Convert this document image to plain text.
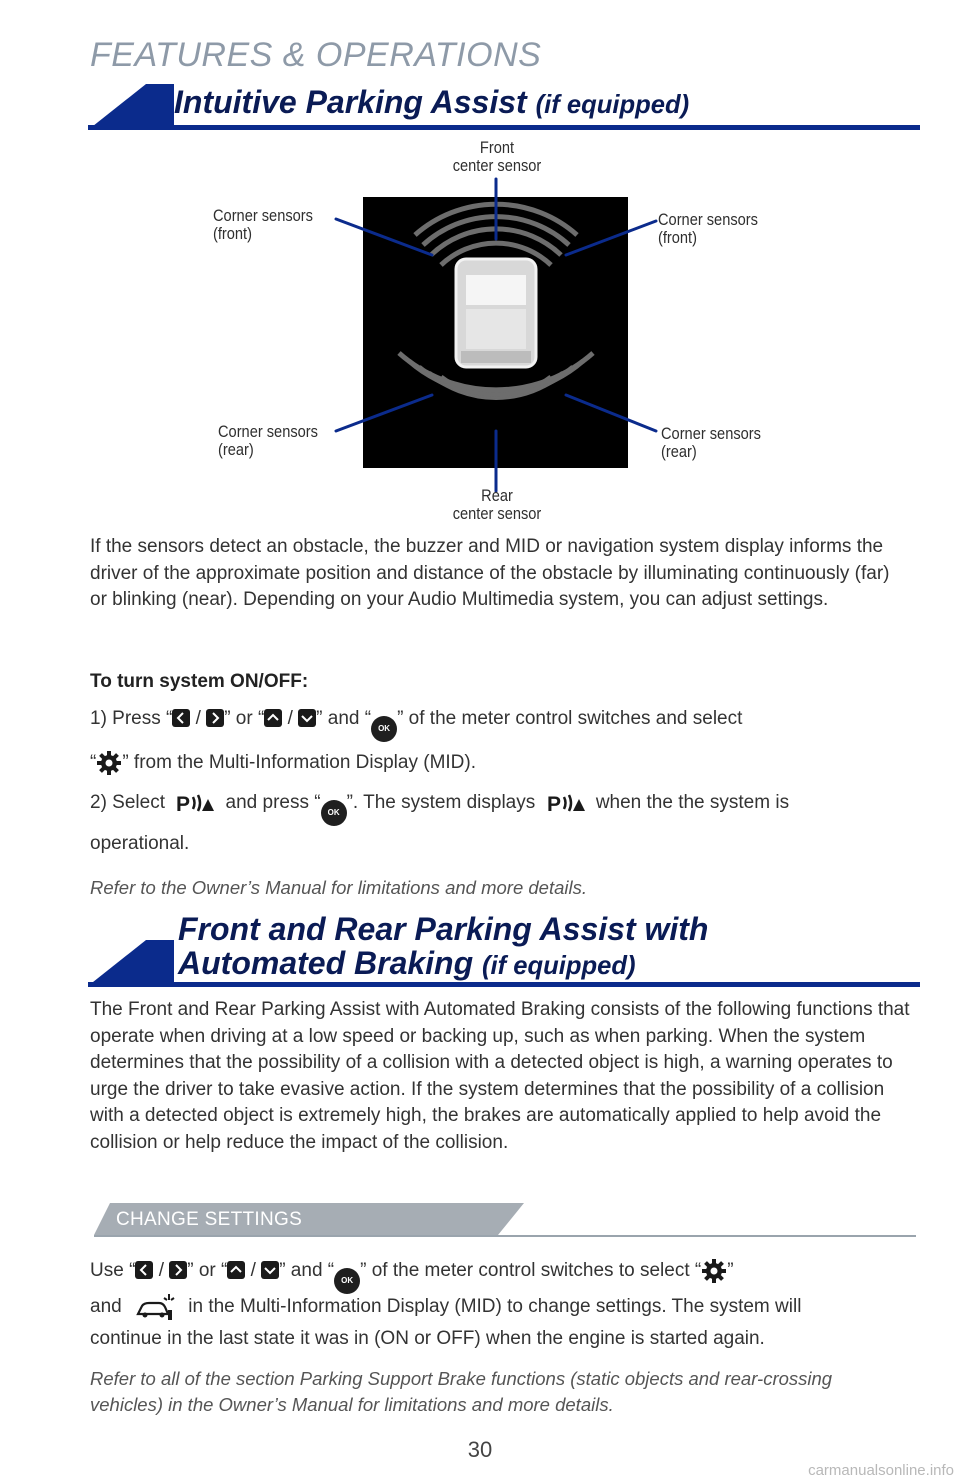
FEATURES & OPERATIONS
Intuitive Parking Assist (if equipped)
Front
center sensor
Corner sensors
(front)
Corner sensors
(front)
Corner sensors
(rear)
Corner sensors
(rear)
Rear
center sensor
If the sensors detect an obstacle, the buzzer and MID or navigation system display informs the driver of the approximate position and distance of the obstacle by illuminating continuously (far) or blinking (near). Depending on your Audio Multimedia system, you can adjust settings.
To turn system ON/OFF:
1) Press “ / ” or “ / ” and “ OK ” of the meter control switches and select
“ ” from the Multi-Information Display (MID).
2) Select P and press “ OK ”. The system displays P when the the system is
operational.
Refer to the Owner’s Manual for limitations and more details.
Front and Rear Parking Assist with
Automated Braking (if equipped)
The Front and Rear Parking Assist with Automated Braking consists of the following functions that operate when driving at a low speed or backing up, such as when parking. When the system determines that the possibility of a collision with a detected object is high, a warning operates to urge the driver to take evasive action. If the system determines that the possibility of a collision with a detected object is extremely high, the brakes are automatically applied to help avoid the collision or help reduce the impact of the collision.
CHANGE SETTINGS
Use “ / ” or “ / ” and “ OK ” of the meter control switches to select “ ”
and	in the Multi-Information Display (MID) to change settings. The system will
continue in the last state it was in (ON or OFF) when the engine is started again.
Refer to all of the section Parking Support Brake functions (static objects and rear-crossing vehicles) in the Owner’s Manual for limitations and more details.
30
carmanualsonline.info
